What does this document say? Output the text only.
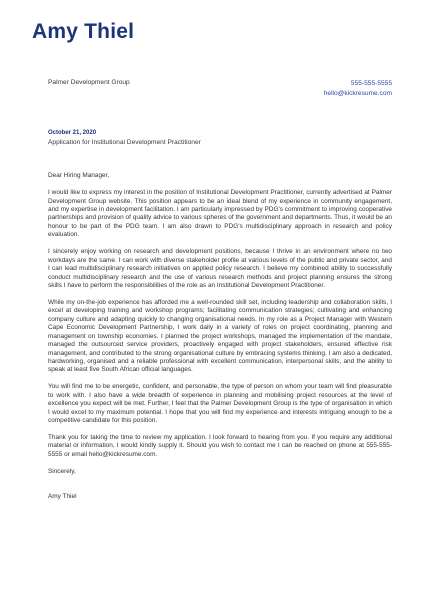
Amy Thiel
Palmer Development Group	555-555-5555
hello@kickresume.com
October 21, 2020
Application for Institutional Development Practitioner

Dear Hiring Manager,

I would like to express my interest in the position of Institutional Development Practitioner, currently advertised at Palmer Development Group website. This position appears to be an ideal blend of my experience in community engagement, and my expertise in development facilitation. I am particularly impressed by PDG's commitment to improving cooperative partnerships and provision of quality advice to various spheres of the government and departments. Thus, it would be an honour to be part of the PDG team. I am also drawn to PDG's multidisciplinary approach in research and policy evaluation.

I sincerely enjoy working on research and development positions, because I thrive in an environment where no two workdays are the same. I can work with diverse stakeholder profile at various levels of the public and private sector, and I can lead multidisciplinary research initiatives on applied policy research. I believe my combined ability to successfully conduct multidisciplinary research and the use of various research methods and project planning ensures the strong skills I have to perform the responsibilities of the role as an Institutional Development Practitioner.

While my on-the-job experience has afforded me a well-rounded skill set, including leadership and collaboration skills, I excel at developing training and workshop programs; facilitating communication strategies; cultivating and enhancing company culture and adapting quickly to changing organisational needs. In my role as a Project Manager with Western Cape Economic Development Partnership, I work daily in a variety of roles on project coordinating, planning and management on township economies. I planned the project workshops, managed the implementation of the mandate, managed the outsourced service providers, proactively engaged with project stakeholders, ensured effective risk management, and contributed to the strong organisational culture by embracing systems thinking. I am also a dedicated, hardworking, organised and a reliable professional with excellent communication, interpersonal skills, and the ability to speak at least five South African official languages.

You will find me to be energetic, confident, and personable, the type of person on whom your team will find pleasurable to work with. I also have a wide breadth of experience in planning and mobilising project resources at the level of excellence you expect will be met. Further, I feel that the Palmer Development Group is the type of organisation in which I would excel to my maximum potential. I hope that you will find my experience and interests intriguing enough to be a competitive candidate for this position.

Thank you for taking the time to review my application. I look forward to hearing from you. If you require any additional material or information, I would kindly supply it. Should you wish to contact me I can be reached on phone at 555-555-5555 or email hello@kickresume.com.

Sincerely,
Amy Thiel
